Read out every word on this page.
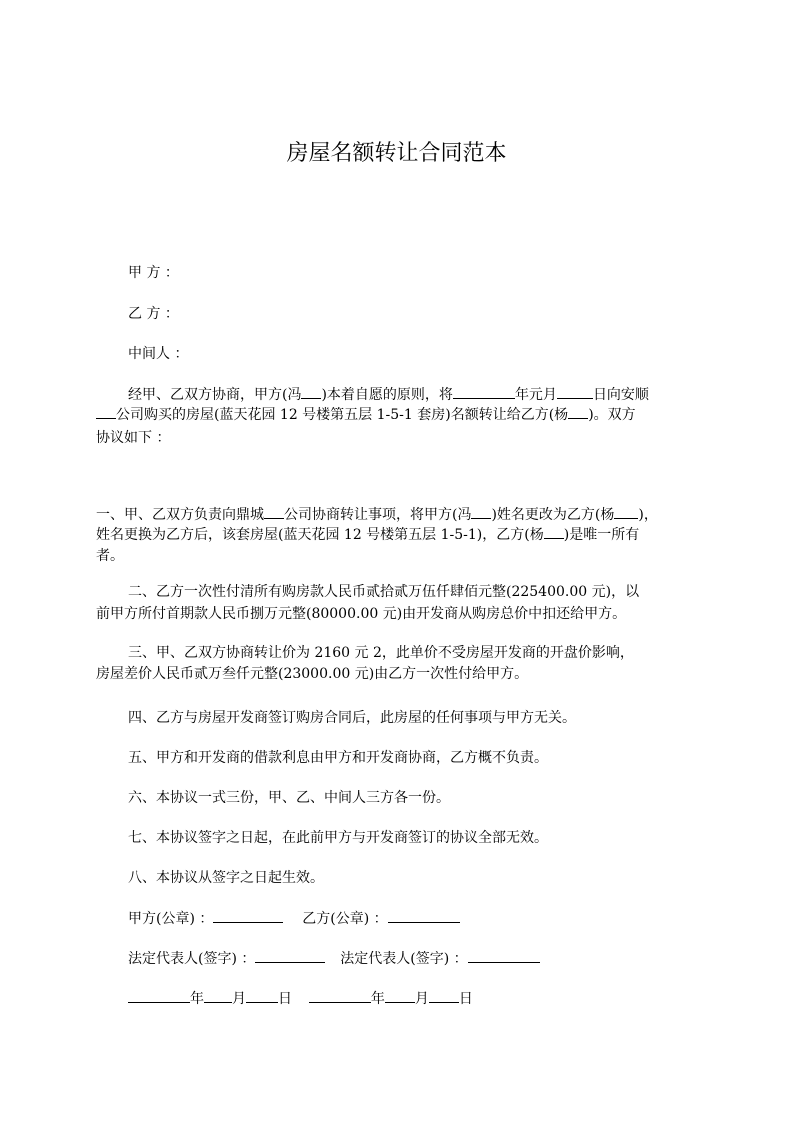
房屋名额转让合同范本
甲 方 ：
乙 方 ：
中间人 ：
经甲、乙双方协商，甲方(冯 )本着自愿的原则，将	年元月	日向安顺
公司购买的房屋(蓝天花园 12 号楼第五层 1-5-1 套房)名额转让给乙方(杨 )。双方
协议如下 ：
一、甲、乙双方负责向鼎城 公司协商转让事项，将甲方(冯 )姓名更改为乙方(杨 )，
姓名更换为乙方后，该套房屋(蓝天花园 12 号楼第五层 1-5-1)，乙方(杨 )是唯一所有
者。
二、乙方一次性付清所有购房款人民币贰拾贰万伍仟肆佰元整(225400.00 元)，以
前甲方所付首期款人民币捌万元整(80000.00 元)由开发商从购房总价中扣还给甲方。
三、甲、乙双方协商转让价为 2160 元 2，此单价不受房屋开发商的开盘价影响，
房屋差价人民币贰万叁仟元整(23000.00 元)由乙方一次性付给甲方。
四、乙方与房屋开发商签订购房合同后，此房屋的任何事项与甲方无关。
五、甲方和开发商的借款利息由甲方和开发商协商，乙方概不负责。
六、本协议一式三份，甲、乙、中间人三方各一份。
七、本协议签字之日起，在此前甲方与开发商签订的协议全部无效。
八、本协议从签字之日起生效。
甲方(公章) ：	乙方(公章) ：
法定代表人(签字) ：	法定代表人(签字) ：
年 月 日	年 月 日
